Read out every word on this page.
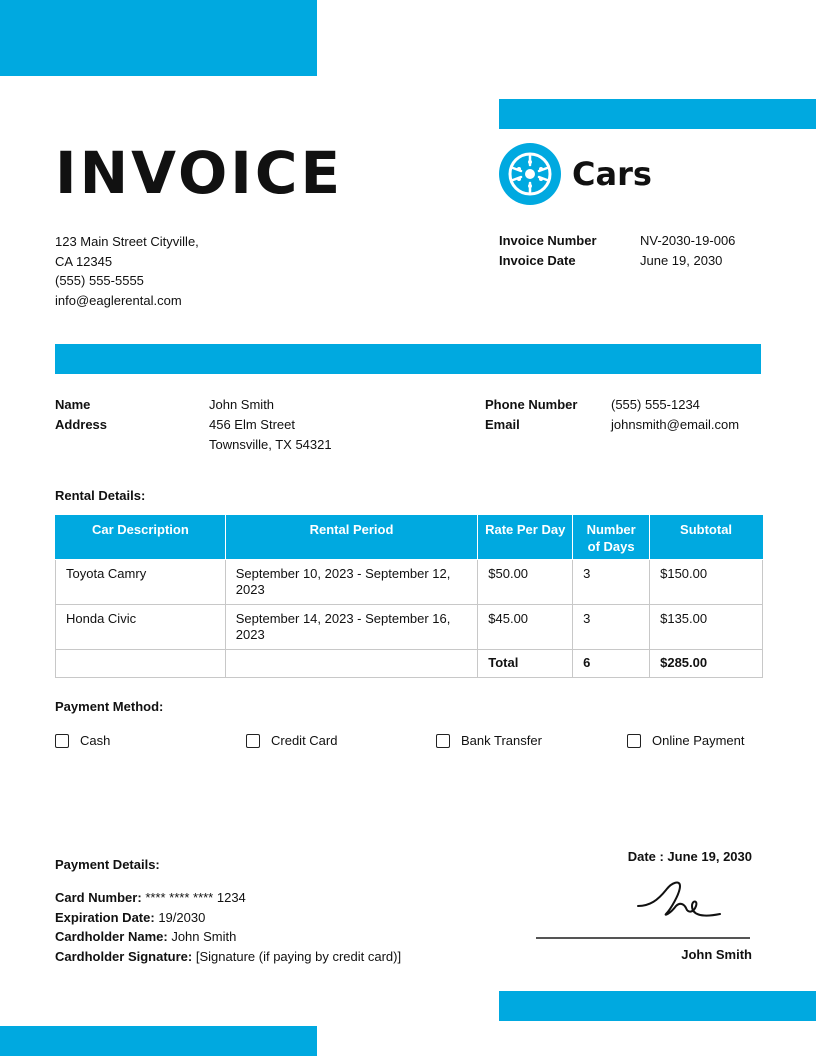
INVOICE
123 Main Street Cityville,
CA 12345
(555) 555-5555
info@eaglerental.com
Cars
Invoice Number	NV-2030-19-006
Invoice Date	June 19, 2030
Name	John Smith
Address	456 Elm Street
Townsville, TX 54321
Phone Number	(555) 555-1234
Email	johnsmith@email.com
Rental Details:
Car Description	Rental Period	Rate Per Day	Number of Days	Subtotal
Toyota Camry	September 10, 2023 - September 12, 2023	$50.00	3	$150.00
Honda Civic	September 14, 2023 - September 16, 2023	$45.00	3	$135.00
		Total	6	$285.00
Payment Method:
Cash	Credit Card	Bank Transfer	Online Payment
Payment Details:
Card Number: **** **** **** 1234
Expiration Date: 19/2030
Cardholder Name: John Smith
Cardholder Signature: [Signature (if paying by credit card)]
Date : June 19, 2030
John Smith
